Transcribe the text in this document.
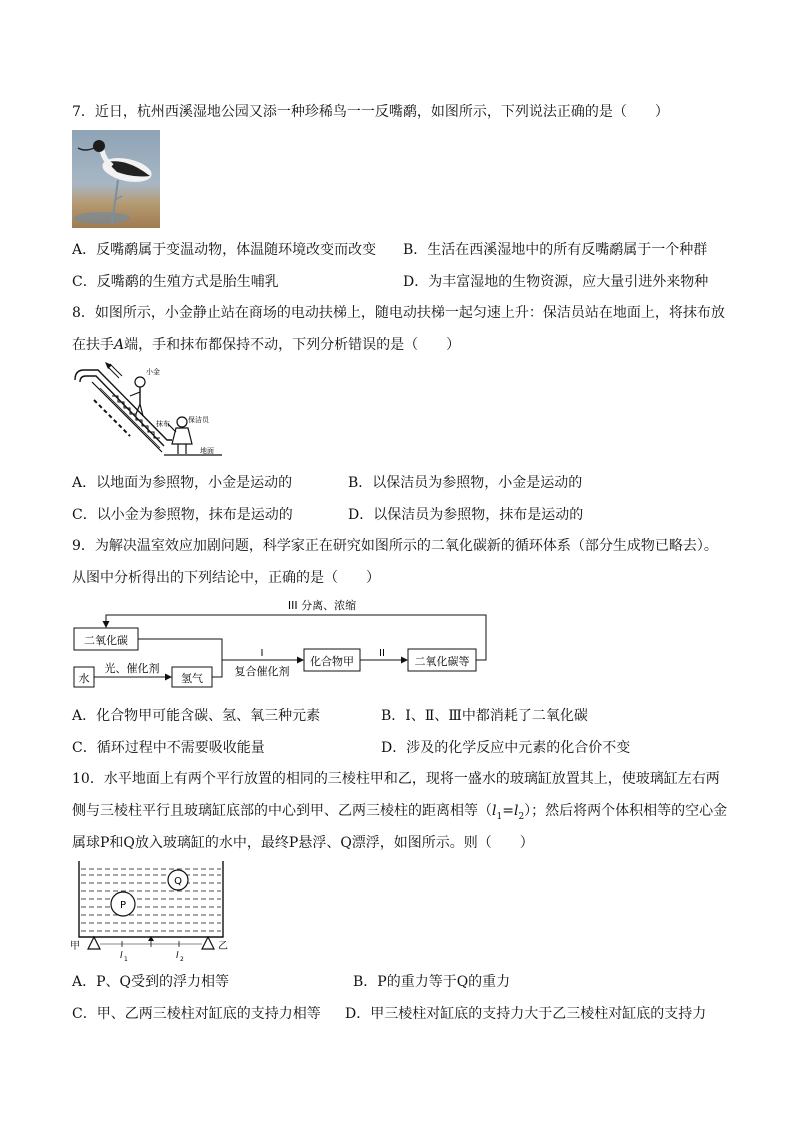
7．近日，杭州西溪湿地公园又添一种珍稀鸟一一反嘴鹬，如图所示，下列说法正确的是（　　）
A．反嘴鹬属于变温动物，体温随环境改变而改变 B．生活在西溪湿地中的所有反嘴鹬属于一个种群
C．反嘴鹬的生殖方式是胎生哺乳	D．为丰富湿地的生物资源，应大量引进外来物种
8．如图所示，小金静止站在商场的电动扶梯上，随电动扶梯一起匀速上升：保洁员站在地面上，将抹布放
在扶手A端，手和抹布都保持不动，下列分析错误的是（　　）
小金
保洁员
抹布
地面
A．以地面为参照物，小金是运动的	B．以保洁员为参照物，小金是运动的
C．以小金为参照物，抹布是运动的	D．以保洁员为参照物，抹布是运动的
9．为解决温室效应加剧问题，科学家正在研究如图所示的二氧化碳新的循环体系（部分生成物已略去）。
从图中分析得出的下列结论中，正确的是（　　）
二氧化碳
水	氢气
化合物甲	二氧化碳等
光、催化剂
I
复合催化剂
II
III 分离、浓缩
A．化合物甲可能含碳、氢、氧三种元素	B．Ⅰ、Ⅱ、Ⅲ中都消耗了二氧化碳
C．循环过程中不需要吸收能量	D．涉及的化学反应中元素的化合价不变
10．水平地面上有两个平行放置的相同的三棱柱甲和乙，现将一盛水的玻璃缸放置其上，使玻璃缸左右两
侧与三棱柱平行且玻璃缸底部的中心到甲、乙两三棱柱的距离相等$(l_1=l_2)$；然后将两个体积相等的空心金
属球P和Q放入玻璃缸的水中，最终P悬浮、Q漂浮，如图所示。则（　　）
Q
P
l 1	l 2
甲	乙
A．P、Q受到的浮力相等	B．P的重力等于Q的重力
C．甲、乙两三棱柱对缸底的支持力相等 D．甲三棱柱对缸底的支持力大于乙三棱柱对缸底的支持力
